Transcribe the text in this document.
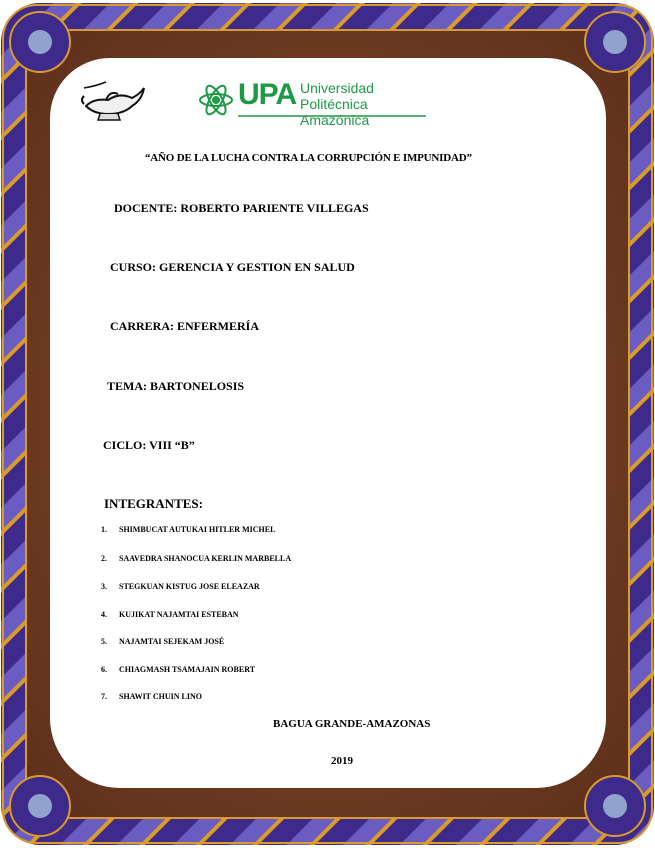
UPA Universidad
Politécnica Amazónica
“AÑO DE LA LUCHA CONTRA LA CORRUPCIÓN E IMPUNIDAD”
DOCENTE: ROBERTO PARIENTE VILLEGAS
CURSO: GERENCIA Y GESTION EN SALUD
CARRERA: ENFERMERÍA
TEMA: BARTONELOSIS
CICLO: VIII “B”
INTEGRANTES:
1. SHIMBUCAT AUTUKAI HITLER MICHEL
2. SAAVEDRA SHANOCUA KERLIN MARBELLA
3. STEGKUAN KISTUG JOSE ELEAZAR
4. KUJIKAT NAJAMTAI ESTEBAN
5. NAJAMTAI SEJEKAM JOSÉ
6. CHIAGMASH TSAMAJAIN ROBERT
7. SHAWIT CHUIN LINO
BAGUA GRANDE-AMAZONAS
2019
